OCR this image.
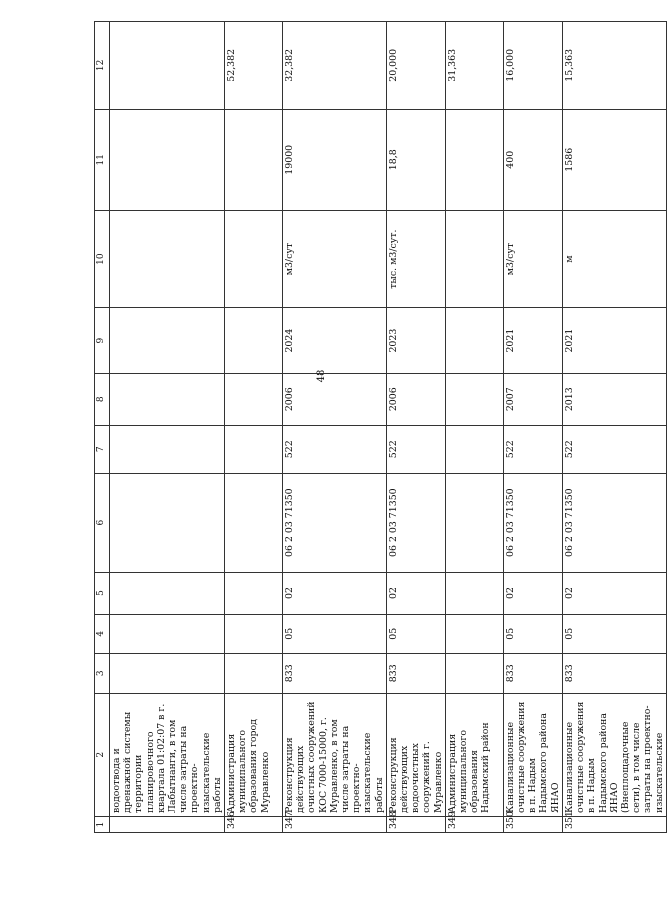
48
1	2	3	4	5	6	7	8	9	10	11	12
	водоотвода и дренажной системы территории планировочного квартала 01:02:07 в г. Лабытнанги, в том числе затраты на проектно-изыскательские работы										
346	Администрация муниципального образования город Муравленко										52,382
347	Реконструкция действующих очистных сооружений КОС 7000-15000, г. Муравленко, в том числе затраты на проектно-изыскательские работы	833	05	02	06 2 03 71350	522	2006	2024	м3/сут	19000	32,382
348	Реконструкция действующих водоочистных сооружений г. Муравленко	833	05	02	06 2 03 71350	522	2006	2023	тыс. м3/сут.	18,8	20,000
349	Администрация муниципального образования Надымский район										31,363
350	Канализационные очистные сооружения в п. Надым Надымского района ЯНАО	833	05	02	06 2 03 71350	522	2007	2021	м3/сут	400	16,000
351	Канализационные очистные сооружения в п. Надым Надымского района ЯНАО (Внеплощадочные сети), в том числе затраты на проектно-изыскательские	833	05	02	06 2 03 71350	522	2013	2021	м	1586	15,363
